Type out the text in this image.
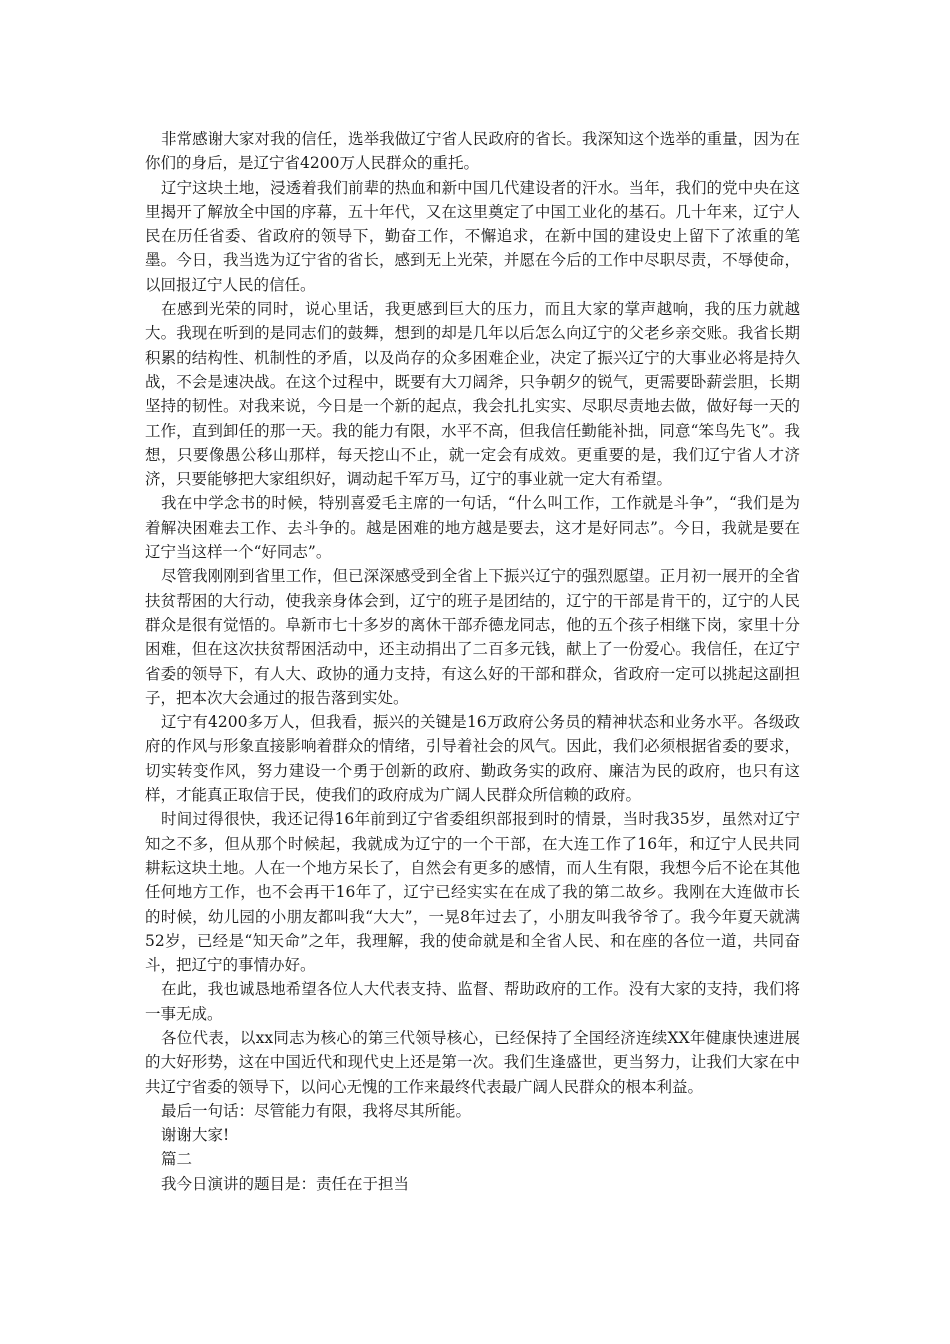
非常感谢大家对我的信任，选举我做辽宁省人民政府的省长。我深知这个选举的重量，因为在你们的身后，是辽宁省4200万人民群众的重托。

辽宁这块土地，浸透着我们前辈的热血和新中国几代建设者的汗水。当年，我们的党中央在这里揭开了解放全中国的序幕，五十年代，又在这里奠定了中国工业化的基石。几十年来，辽宁人民在历任省委、省政府的领导下，勤奋工作，不懈追求，在新中国的建设史上留下了浓重的笔墨。今日，我当选为辽宁省的省长，感到无上光荣，并愿在今后的工作中尽职尽责，不辱使命，以回报辽宁人民的信任。

在感到光荣的同时，说心里话，我更感到巨大的压力，而且大家的掌声越响，我的压力就越大。我现在听到的是同志们的鼓舞，想到的却是几年以后怎么向辽宁的父老乡亲交账。我省长期积累的结构性、机制性的矛盾，以及尚存的众多困难企业，决定了振兴辽宁的大事业必将是持久战，不会是速决战。在这个过程中，既要有大刀阔斧，只争朝夕的锐气，更需要卧薪尝胆，长期坚持的韧性。对我来说，今日是一个新的起点，我会扎扎实实、尽职尽责地去做，做好每一天的工作，直到卸任的那一天。我的能力有限，水平不高，但我信任勤能补拙，同意“笨鸟先飞”。我想，只要像愚公移山那样，每天挖山不止，就一定会有成效。更重要的是，我们辽宁省人才济济，只要能够把大家组织好，调动起千军万马，辽宁的事业就一定大有希望。

我在中学念书的时候，特别喜爱毛主席的一句话，“什么叫工作，工作就是斗争”，“我们是为着解决困难去工作、去斗争的。越是困难的地方越是要去，这才是好同志”。今日，我就是要在辽宁当这样一个“好同志”。

尽管我刚刚到省里工作，但已深深感受到全省上下振兴辽宁的强烈愿望。正月初一展开的全省扶贫帮困的大行动，使我亲身体会到，辽宁的班子是团结的，辽宁的干部是肯干的，辽宁的人民群众是很有觉悟的。阜新市七十多岁的离休干部乔德龙同志，他的五个孩子相继下岗，家里十分困难，但在这次扶贫帮困活动中，还主动捐出了二百多元钱，献上了一份爱心。我信任，在辽宁省委的领导下，有人大、政协的通力支持，有这么好的干部和群众，省政府一定可以挑起这副担子，把本次大会通过的报告落到实处。

辽宁有4200多万人，但我看，振兴的关键是16万政府公务员的精神状态和业务水平。各级政府的作风与形象直接影响着群众的情绪，引导着社会的风气。因此，我们必须根据省委的要求，切实转变作风，努力建设一个勇于创新的政府、勤政务实的政府、廉洁为民的政府，也只有这样，才能真正取信于民，使我们的政府成为广阔人民群众所信赖的政府。

时间过得很快，我还记得16年前到辽宁省委组织部报到时的情景，当时我35岁，虽然对辽宁知之不多，但从那个时候起，我就成为辽宁的一个干部，在大连工作了16年，和辽宁人民共同耕耘这块土地。人在一个地方呆长了，自然会有更多的感情，而人生有限，我想今后不论在其他任何地方工作，也不会再干16年了，辽宁已经实实在在成了我的第二故乡。我刚在大连做市长的时候，幼儿园的小朋友都叫我“大大”，一晃8年过去了，小朋友叫我爷爷了。我今年夏天就满52岁，已经是“知天命”之年，我理解，我的使命就是和全省人民、和在座的各位一道，共同奋斗，把辽宁的事情办好。

在此，我也诚恳地希望各位人大代表支持、监督、帮助政府的工作。没有大家的支持，我们将一事无成。

各位代表，以xx同志为核心的第三代领导核心，已经保持了全国经济连续XX年健康快速进展的大好形势，这在中国近代和现代史上还是第一次。我们生逢盛世，更当努力，让我们大家在中共辽宁省委的领导下，以问心无愧的工作来最终代表最广阔人民群众的根本利益。

最后一句话：尽管能力有限，我将尽其所能。

谢谢大家!

篇二

我今日演讲的题目是：责任在于担当
